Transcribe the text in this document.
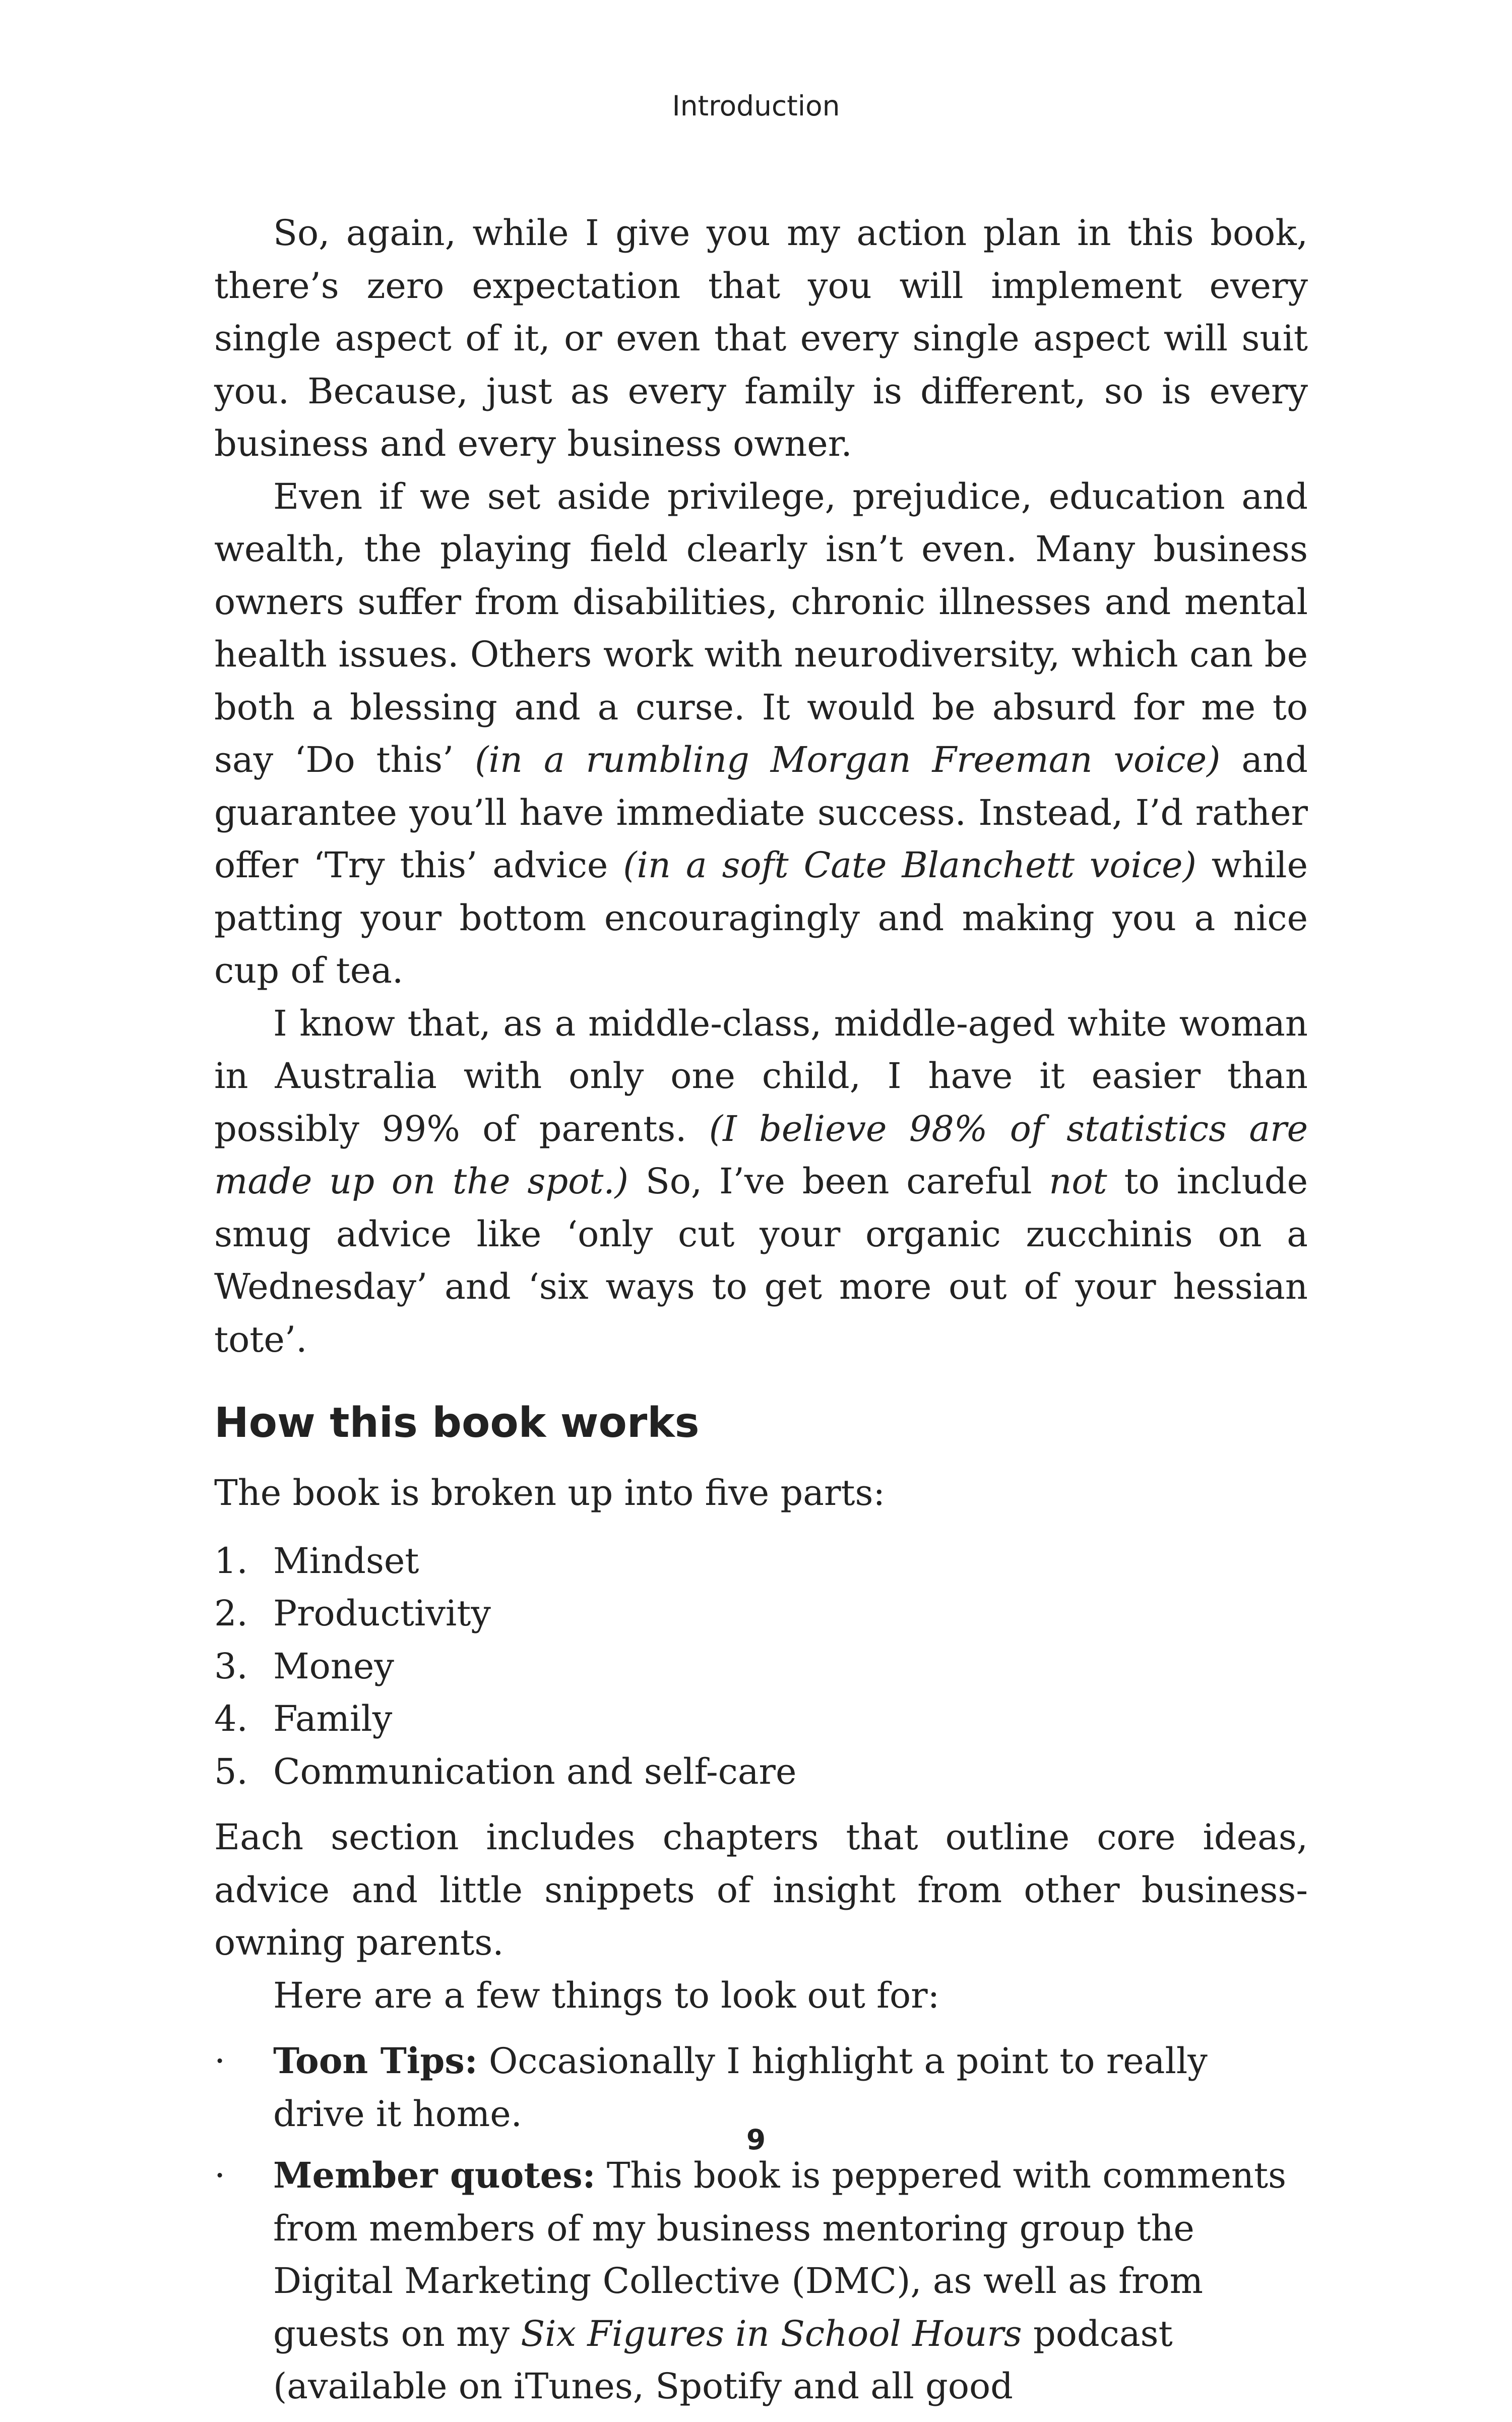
Introduction

So, again, while I give you my action plan in this book, there’s zero expectation that you will implement every single aspect of it, or even that every single aspect will suit you. Because, just as every family is different, so is every business and every business owner.

Even if we set aside privilege, prejudice, education and wealth, the playing field clearly isn’t even. Many business owners suffer from disabilities, chronic illnesses and mental health issues. Others work with neurodiversity, which can be both a blessing and a curse. It would be absurd for me to say ‘Do this’ (in a rumbling Morgan Freeman voice) and guarantee you’ll have immediate success. Instead, I’d rather offer ‘Try this’ advice (in a soft Cate Blanchett voice) while patting your bottom encouragingly and making you a nice cup of tea.

I know that, as a middle-class, middle-aged white woman in Australia with only one child, I have it easier than possibly 99% of parents. (I believe 98% of statistics are made up on the spot.) So, I’ve been careful not to include smug advice like ‘only cut your organic zucchinis on a Wednesday’ and ‘six ways to get more out of your hessian tote’.

How this book works

The book is broken up into five parts:

1. Mindset
2. Productivity
3. Money
4. Family
5. Communication and self-care

Each section includes chapters that outline core ideas, advice and little snippets of insight from other business-owning parents.

Here are a few things to look out for:

· Toon Tips: Occasionally I highlight a point to really drive it home.
· Member quotes: This book is peppered with comments from members of my business mentoring group the Digital Marketing Collective (DMC), as well as from guests on my Six Figures in School Hours podcast (available on iTunes, Spotify and all good
9
